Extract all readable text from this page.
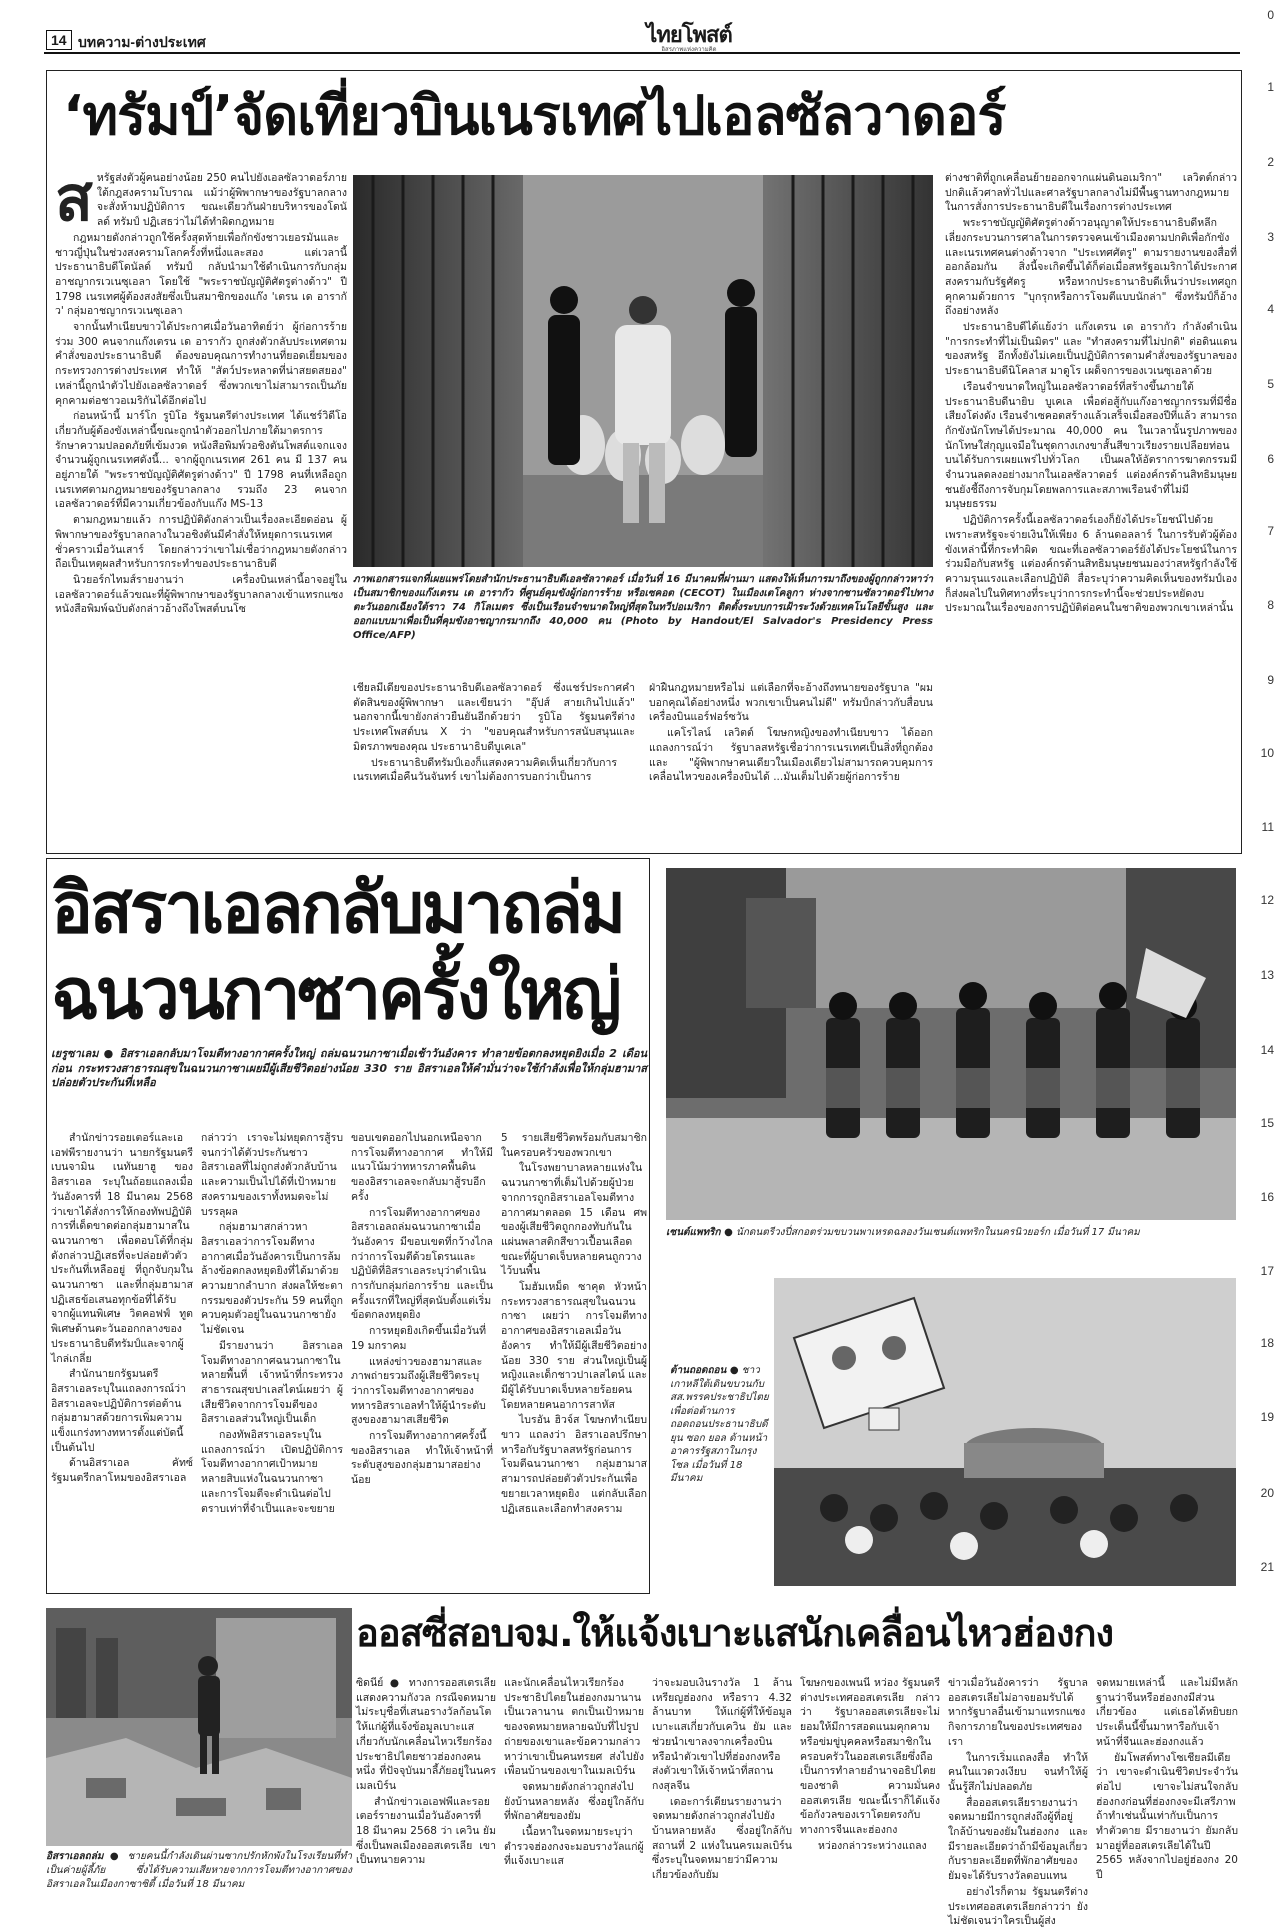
0
1
2
3
4
5
6
7
8
9
10
11
12
13
14
15
16
17
18
19
20
21
14 บทความ-ต่างประเทศ	ไทยโพสต์
อิสรภาพแห่งความคิด
‘ทรัมป์’จัดเที่ยวบินเนรเทศไปเอลซัลวาดอร์
ส หรัฐส่งตัวผู้คนอย่างน้อย 250 คนไปยังเอลซัลวาดอร์ภายใต้กฎสงครามโบราณ แม้ว่าผู้พิพากษาของรัฐบาลกลางจะสั่งห้ามปฏิบัติการ ขณะเดียวกันฝ่ายบริหารของโดนัลด์ ทรัมป์ ปฏิเสธว่าไม่ได้ทำผิดกฎหมาย

กฎหมายดังกล่าวถูกใช้ครั้งสุดท้ายเพื่อกักขังชาวเยอรมันและชาวญี่ปุ่นในช่วงสงครามโลกครั้งที่หนึ่งและสอง แต่เวลานี้ประธานาธิบดีโดนัลด์ ทรัมป์ กลับนำมาใช้ดำเนินการกับกลุ่มอาชญากรเวเนซุเอลา โดยใช้ "พระราชบัญญัติศัตรูต่างด้าว" ปี 1798 เนรเทศผู้ต้องสงสัยซึ่งเป็นสมาชิกของแก๊ง 'เตรน เด อารากัว' กลุ่มอาชญากรเวเนซุเอลา

จากนั้นทำเนียบขาวได้ประกาศเมื่อวันอาทิตย์ว่า ผู้ก่อการร้ายร่วม 300 คนจากแก๊งเตรน เด อารากัว ถูกส่งตัวกลับประเทศตามคำสั่งของประธานาธิบดี ต้องขอบคุณการทำงานที่ยอดเยี่ยมของกระทรวงการต่างประเทศ ทำให้ "สัตว์ประหลาดที่น่าสยดสยอง" เหล่านี้ถูกนำตัวไปยังเอลซัลวาดอร์ ซึ่งพวกเขาไม่สามารถเป็นภัยคุกคามต่อชาวอเมริกันได้อีกต่อไป

ก่อนหน้านี้ มาร์โก รูบิโอ รัฐมนตรีต่างประเทศ ได้แชร์วิดีโอเกี่ยวกับผู้ต้องขังเหล่านี้ขณะถูกนำตัวออกไปภายใต้มาตรการรักษาความปลอดภัยที่เข้มงวด หนังสือพิมพ์วอชิงตันโพสต์แจกแจงจำนวนผู้ถูกเนรเทศดังนี้... จากผู้ถูกเนรเทศ 261 คน มี 137 คนอยู่ภายใต้ "พระราชบัญญัติศัตรูต่างด้าว" ปี 1798 คนที่เหลือถูกเนรเทศตามกฎหมายของรัฐบาลกลาง รวมถึง 23 คนจากเอลซัลวาดอร์ที่มีความเกี่ยวข้องกับแก๊ง MS-13

ตามกฎหมายแล้ว การปฏิบัติดังกล่าวเป็นเรื่องละเอียดอ่อน ผู้พิพากษาของรัฐบาลกลางในวอชิงตันมีคำสั่งให้หยุดการเนรเทศชั่วคราวเมื่อวันเสาร์ โดยกล่าวว่าเขาไม่เชื่อว่ากฎหมายดังกล่าวถือเป็นเหตุผลสำหรับการกระทำของประธานาธิบดี

นิวยอร์กไทมส์รายงานว่า เครื่องบินเหล่านี้อาจอยู่ในเอลซัลวาดอร์แล้วขณะที่ผู้พิพากษาของรัฐบาลกลางเข้าแทรกแซง หนังสือพิมพ์ฉบับดังกล่าวอ้างถึงโพสต์บนโซ

ภาพเอกสารแจกที่เผยแพร่โดยสำนักประธานาธิบดีเอลซัลวาดอร์ เมื่อวันที่ 16 มีนาคมที่ผ่านมา แสดงให้เห็นการมาถึงของผู้ถูกกล่าวหาว่าเป็นสมาชิกของแก๊งเตรน เด อารากัว ที่ศูนย์คุมขังผู้ก่อการร้าย หรือเซคอต (CECOT) ในเมืองเตโคลูกา ห่างจากซานซัลวาดอร์ไปทางตะวันออกเฉียงใต้ราว 74 กิโลเมตร ซึ่งเป็นเรือนจำขนาดใหญ่ที่สุดในทวีปอเมริกา ติดตั้งระบบการเฝ้าระวังด้วยเทคโนโลยีขั้นสูง และออกแบบมาเพื่อเป็นที่คุมขังอาชญากรมากถึง 40,000 คน (Photo by Handout/El Salvador's Presidency Press Office/AFP)

เชียลมีเดียของประธานาธิบดีเอลซัลวาดอร์ ซึ่งแชร์ประกาศคำตัดสินของผู้พิพากษา และเขียนว่า "อุ๊ปส์ สายเกินไปแล้ว" นอกจากนี้เขายังกล่าวยืนยันอีกด้วยว่า รูบิโอ รัฐมนตรีต่างประเทศโพสต์บน X ว่า "ขอบคุณสำหรับการสนับสนุนและมิตรภาพของคุณ ประธานาธิบดีบูเคเล"

ประธานาธิบดีทรัมป์เองก็แสดงความคิดเห็นเกี่ยวกับการเนรเทศเมื่อคืนวันจันทร์ เขาไม่ต้องการบอกว่าเป็นการ

ฝ่าฝืนกฎหมายหรือไม่ แต่เลือกที่จะอ้างถึงทนายของรัฐบาล "ผมบอกคุณได้อย่างหนึ่ง พวกเขาเป็นคนไม่ดี" ทรัมป์กล่าวกับสื่อบนเครื่องบินแอร์ฟอร์ซวัน

แคโรไลน์ เลวิตต์ โฆษกหญิงของทำเนียบขาว ได้ออกแถลงการณ์ว่า รัฐบาลสหรัฐเชื่อว่าการเนรเทศเป็นสิ่งที่ถูกต้อง และ "ผู้พิพากษาคนเดียวในเมืองเดียวไม่สามารถควบคุมการเคลื่อนไหวของเครื่องบินได้ ...มันเต็มไปด้วยผู้ก่อการร้าย

ต่างชาติที่ถูกเคลื่อนย้ายออกจากแผ่นดินอเมริกา" เลวิตต์กล่าว ปกติแล้วศาลทั่วไปและศาลรัฐบาลกลางไม่มีพื้นฐานทางกฎหมายในการสั่งการประธานาธิบดีในเรื่องการต่างประเทศ

พระราชบัญญัติศัตรูต่างด้าวอนุญาตให้ประธานาธิบดีหลีกเลี่ยงกระบวนการศาลในการตรวจคนเข้าเมืองตามปกติเพื่อกักขังและเนรเทศคนต่างด้าวจาก "ประเทศศัตรู" ตามรายงานของสื่อที่ออกล้อมกัน สิ่งนี้จะเกิดขึ้นได้ก็ต่อเมื่อสหรัฐอเมริกาได้ประกาศสงครามกับรัฐศัตรู หรือหากประธานาธิบดีเห็นว่าประเทศถูกคุกคามด้วยการ "บุกรุกหรือการโจมตีแบบนักล่า" ซึ่งทรัมป์ก็อ้างถึงอย่างหลัง

ประธานาธิบดีได้แย้งว่า แก๊งเตรน เด อารากัว กำลังดำเนิน "การกระทำที่ไม่เป็นมิตร" และ "ทำสงครามที่ไม่ปกติ" ต่อดินแดนของสหรัฐ อีกทั้งยังไม่เคยเป็นปฏิบัติการตามคำสั่งของรัฐบาลของประธานาธิบดีนิโคลาส มาดูโร เผด็จการของเวเนซุเอลาด้วย

เรือนจำขนาดใหญ่ในเอลซัลวาดอร์ที่สร้างขึ้นภายใต้ประธานาธิบดีนายิบ บูเคเล เพื่อต่อสู้กับแก๊งอาชญากรรมที่มีชื่อเสียงโด่งดัง เรือนจำเซคอตสร้างแล้วเสร็จเมื่อสองปีที่แล้ว สามารถกักขังนักโทษได้ประมาณ 40,000 คน ในเวลานั้นรูปภาพของนักโทษใส่กุญแจมือในชุดกางเกงขาสั้นสีขาวเรียงรายเปลือยท่อนบนได้รับการเผยแพร่ไปทั่วโลก เป็นผลให้อัตราการฆาตกรรมมีจำนวนลดลงอย่างมากในเอลซัลวาดอร์ แต่องค์กรด้านสิทธิมนุษยชนยังชี้ถึงการจับกุมโดยพลการและสภาพเรือนจำที่ไม่มีมนุษยธรรม

ปฏิบัติการครั้งนี้เอลซัลวาดอร์เองก็ยังได้ประโยชน์ไปด้วย เพราะสหรัฐจะจ่ายเงินให้เพียง 6 ล้านดอลลาร์ ในการรับตัวผู้ต้องขังเหล่านี้ที่กระทำผิด ขณะที่เอลซัลวาดอร์ยังได้ประโยชน์ในการร่วมมือกับสหรัฐ แต่องค์กรด้านสิทธิมนุษยชนมองว่าสหรัฐกำลังใช้ความรุนแรงและเลือกปฏิบัติ สื่อระบุว่าความคิดเห็นของทรัมป์เองก็ส่งผลไปในทิศทางที่ระบุว่าการกระทำนี้จะช่วยประหยัดงบประมาณในเรื่องของการปฏิบัติต่อคนในชาติของพวกเขาเหล่านั้น

อิสราเอลกลับมาถล่ม
ฉนวนกาซาครั้งใหญ่

เยรูซาเลม ● อิสราเอลกลับมาโจมตีทางอากาศครั้งใหญ่ ถล่มฉนวนกาซาเมื่อเช้าวันอังคาร ทำลายข้อตกลงหยุดยิงเมื่อ 2 เดือนก่อน กระทรวงสาธารณสุขในฉนวนกาซาเผยมีผู้เสียชีวิตอย่างน้อย 330 ราย อิสราเอลให้คำมั่นว่าจะใช้กำลังเพื่อให้กลุ่มฮามาสปล่อยตัวประกันที่เหลือ

สำนักข่าวรอยเตอร์และเอเอฟพีรายงานว่า นายกรัฐมนตรีเบนจามิน เนทันยาฮู ของอิสราเอล ระบุในถ้อยแถลงเมื่อวันอังคารที่ 18 มีนาคม 2568 ว่าเขาได้สั่งการให้กองทัพปฏิบัติการที่เด็ดขาดต่อกลุ่มฮามาสในฉนวนกาซา เพื่อตอบโต้ที่กลุ่มดังกล่าวปฏิเสธที่จะปล่อยตัวตัวประกันที่เหลืออยู่ ที่ถูกจับกุมในฉนวนกาซา และที่กลุ่มฮามาสปฏิเสธข้อเสนอทุกข้อที่ได้รับจากผู้แทนพิเศษ วิตคอฟฟ์ ทูตพิเศษด้านตะวันออกกลางของประธานาธิบดีทรัมป์และจากผู้ไกล่เกลี่ย

สำนักนายกรัฐมนตรีอิสราเอลระบุในแถลงการณ์ว่า อิสราเอลจะปฏิบัติการต่อต้านกลุ่มฮามาสด้วยการเพิ่มความแข็งแกร่งทางทหารตั้งแต่บัดนี้เป็นต้นไป

ด้านอิสราเอล คัทซ์ รัฐมนตรีกลาโหมของอิสราเอล

กล่าวว่า เราจะไม่หยุดการสู้รบจนกว่าได้ตัวประกันชาวอิสราเอลที่ไม่ถูกส่งตัวกลับบ้าน และความเป็นไปได้ที่เป้าหมายสงครามของเราทั้งหมดจะไม่บรรลุผล

กลุ่มฮามาสกล่าวหาอิสราเอลว่าการโจมตีทางอากาศเมื่อวันอังคารเป็นการล้มล้างข้อตกลงหยุดยิงที่ได้มาด้วยความยากลำบาก ส่งผลให้ชะตากรรมของตัวประกัน 59 คนที่ถูกควบคุมตัวอยู่ในฉนวนกาซายังไม่ชัดเจน

มีรายงานว่า อิสราเอลโจมตีทางอากาศฉนวนกาซาในหลายพื้นที่ เจ้าหน้าที่กระทรวงสาธารณสุขปาเลสไตน์เผยว่า ผู้เสียชีวิตจากการโจมตีของอิสราเอลส่วนใหญ่เป็นเด็ก

กองทัพอิสราเอลระบุในแถลงการณ์ว่า เปิดปฏิบัติการโจมตีทางอากาศเป้าหมายหลายสิบแห่งในฉนวนกาซา และการโจมตีจะดำเนินต่อไปตราบเท่าที่จำเป็นและจะขยาย

ขอบเขตออกไปนอกเหนือจากการโจมตีทางอากาศ ทำให้มีแนวโน้มว่าทหารภาคพื้นดินของอิสราเอลจะกลับมาสู้รบอีกครั้ง

การโจมตีทางอากาศของอิสราเอลถล่มฉนวนกาซาเมื่อวันอังคาร มีขอบเขตที่กว้างไกลกว่าการโจมตีด้วยโดรนและปฏิบัติที่อิสราเอลระบุว่าดำเนินการกับกลุ่มก่อการร้าย และเป็นครั้งแรกที่ใหญ่ที่สุดนับตั้งแต่เริ่มข้อตกลงหยุดยิง

การหยุดยิงเกิดขึ้นเมื่อวันที่ 19 มกราคม

แหล่งข่าวของฮามาสและภาพถ่ายรวมถึงผู้เสียชีวิตระบุว่าการโจมตีทางอากาศของทหารอิสราเอลทำให้ผู้นำระดับสูงของฮามาสเสียชีวิต

การโจมตีทางอากาศครั้งนี้ของอิสราเอล ทำให้เจ้าหน้าที่ระดับสูงของกลุ่มฮามาสอย่างน้อย

5 รายเสียชีวิตพร้อมกับสมาชิกในครอบครัวของพวกเขา

ในโรงพยาบาลหลายแห่งในฉนวนกาซาที่เต็มไปด้วยผู้ป่วยจากการถูกอิสราเอลโจมตีทางอากาศมาตลอด 15 เดือน ศพของผู้เสียชีวิตถูกกองทับกันในแผ่นพลาสติกสีขาวเปื้อนเลือด ขณะที่ผู้บาดเจ็บหลายคนถูกวางไว้บนพื้น

โมฮัมเหม็ด ซาคุต หัวหน้ากระทรวงสาธารณสุขในฉนวนกาซา เผยว่า การโจมตีทางอากาศของอิสราเอลเมื่อวันอังคาร ทำให้มีผู้เสียชีวิตอย่างน้อย 330 ราย ส่วนใหญ่เป็นผู้หญิงและเด็กชาวปาเลสไตน์ และมีผู้ได้รับบาดเจ็บหลายร้อยคน โดยหลายคนอาการสาหัส

ไบรอัน ฮิวจ์ส โฆษกทำเนียบขาว แถลงว่า อิสราเอลปรึกษาหารือกับรัฐบาลสหรัฐก่อนการโจมตีฉนวนกาซา กลุ่มฮามาสสามารถปล่อยตัวตัวประกันเพื่อขยายเวลาหยุดยิง แต่กลับเลือกปฏิเสธและเลือกทำสงคราม

เซนต์แพทริก ● นักดนตรีวงปี่สกอตร่วมขบวนพาเหรดฉลองวันเซนต์แพทริกในนครนิวยอร์ก เมื่อวันที่ 17 มีนาคม
ต้านถอดถอน ● ชาวเกาหลีใต้เดินขบวนกับ สส.พรรคประชาธิปไตย เพื่อต่อต้านการถอดถอนประธานาธิบดียุน ซอก ยอล ด้านหน้าอาคารรัฐสภาในกรุงโซล เมื่อวันที่ 18 มีนาคม
อิสราเอลถล่ม ● ชายคนนี้กำลังเดินผ่านซากปรักหักพังในโรงเรียนที่ทำเป็นค่ายผู้ลี้ภัย ซึ่งได้รับความเสียหายจากการโจมตีทางอากาศของอิสราเอลในเมืองกาซาซิตี้ เมื่อวันที่ 18 มีนาคม
ออสซี่สอบจม.ให้แจ้งเบาะแสนักเคลื่อนไหวฮ่องกง

ซิดนีย์ ● ทางการออสเตรเลียแสดงความกังวล กรณีจดหมายไม่ระบุชื่อที่เสนอรางวัลก้อนโตให้แก่ผู้ที่แจ้งข้อมูลเบาะแสเกี่ยวกับนักเคลื่อนไหวเรียกร้องประชาธิปไตยชาวฮ่องกงคนหนึ่ง ที่ปัจจุบันมาลี้ภัยอยู่ในนครเมลเบิร์น

สำนักข่าวเอเอฟพีและรอยเตอร์รายงานเมื่อวันอังคารที่ 18 มีนาคม 2568 ว่า เควิน ยัม ซึ่งเป็นพลเมืองออสเตรเลีย เขาเป็นทนายความ

และนักเคลื่อนไหวเรียกร้องประชาธิปไตยในฮ่องกงมานานเป็นเวลานาน ตกเป็นเป้าหมายของจดหมายหลายฉบับที่ไปรูปถ่ายของเขาและข้อความกล่าวหาว่าเขาเป็นคนทรยศ ส่งไปยังเพื่อนบ้านของเขาในเมลเบิร์น

จดหมายดังกล่าวถูกส่งไปยังบ้านหลายหลัง ซึ่งอยู่ใกล้กับที่พักอาศัยของยัม

เนื้อหาในจดหมายระบุว่า ตำรวจฮ่องกงจะมอบรางวัลแก่ผู้ที่แจ้งเบาะแส

ว่าจะมอบเงินรางวัล 1 ล้านเหรียญฮ่องกง หรือราว 4.32 ล้านบาท ให้แก่ผู้ที่ให้ข้อมูลเบาะแสเกี่ยวกับเควิน ยัม และช่วยนำเขาลงจากเครื่องบิน หรือนำตัวเขาไปที่ฮ่องกงหรือส่งตัวเขาให้เจ้าหน้าที่สถานกงสุลจีน

เดอะการ์เดียนรายงานว่าจดหมายดังกล่าวถูกส่งไปยังบ้านหลายหลัง ซึ่งอยู่ใกล้กับสถานที่ 2 แห่งในนครเมลเบิร์น ซึ่งระบุในจดหมายว่ามีความเกี่ยวข้องกับยัม

โฆษกของเพนนี หว่อง รัฐมนตรีต่างประเทศออสเตรเลีย กล่าวว่า รัฐบาลออสเตรเลียจะไม่ยอมให้มีการสอดแนมคุกคาม หรือข่มขู่บุคคลหรือสมาชิกในครอบครัวในออสเตรเลียซึ่งถือเป็นการทำลายอำนาจอธิปไตยของชาติ ความมั่นคงออสเตรเลีย ขณะนี้เราก็ได้แจ้งข้อกังวลของเราโดยตรงกับทางการจีนและฮ่องกง

หว่องกล่าวระหว่างแถลง

ข่าวเมื่อวันอังคารว่า รัฐบาลออสเตรเลียไม่อาจยอมรับได้หากรัฐบาลอื่นเข้ามาแทรกแซงกิจการภายในของประเทศของเรา

ในการเริ่มแถลงสื่อ ทำให้คนในแวดวงเงียบ จนทำให้ผู้นั้นรู้สึกไม่ปลอดภัย

สื่อออสเตรเลียรายงานว่าจดหมายมีการถูกส่งถึงผู้ที่อยู่ใกล้บ้านของยัมในฮ่องกง และมีรายละเอียดว่าถ้ามีข้อมูลเกี่ยวกับรายละเอียดที่พักอาศัยของยัมจะได้รับรางวัลตอบแทน

อย่างไรก็ตาม รัฐมนตรีต่างประเทศออสเตรเลียกล่าวว่า ยังไม่ชัดเจนว่าใครเป็นผู้ส่ง

จดหมายเหล่านี้ และไม่มีหลักฐานว่าจีนหรือฮ่องกงมีส่วนเกี่ยวข้อง แต่เธอได้หยิบยกประเด็นนี้ขึ้นมาหารือกับเจ้าหน้าที่จีนและฮ่องกงแล้ว

ยัมโพสต์ทางโซเชียลมีเดียว่า เขาจะดำเนินชีวิตประจำวันต่อไป เขาจะไม่สนใจกลับฮ่องกงก่อนที่ฮ่องกงจะมีเสรีภาพ ถ้าทำเช่นนั้นเท่ากับเป็นการทำตัวตาย มีรายงานว่า ยัมกลับมาอยู่ที่ออสเตรเลียได้ในปี 2565 หลังจากไปอยู่ฮ่องกง 20 ปี
